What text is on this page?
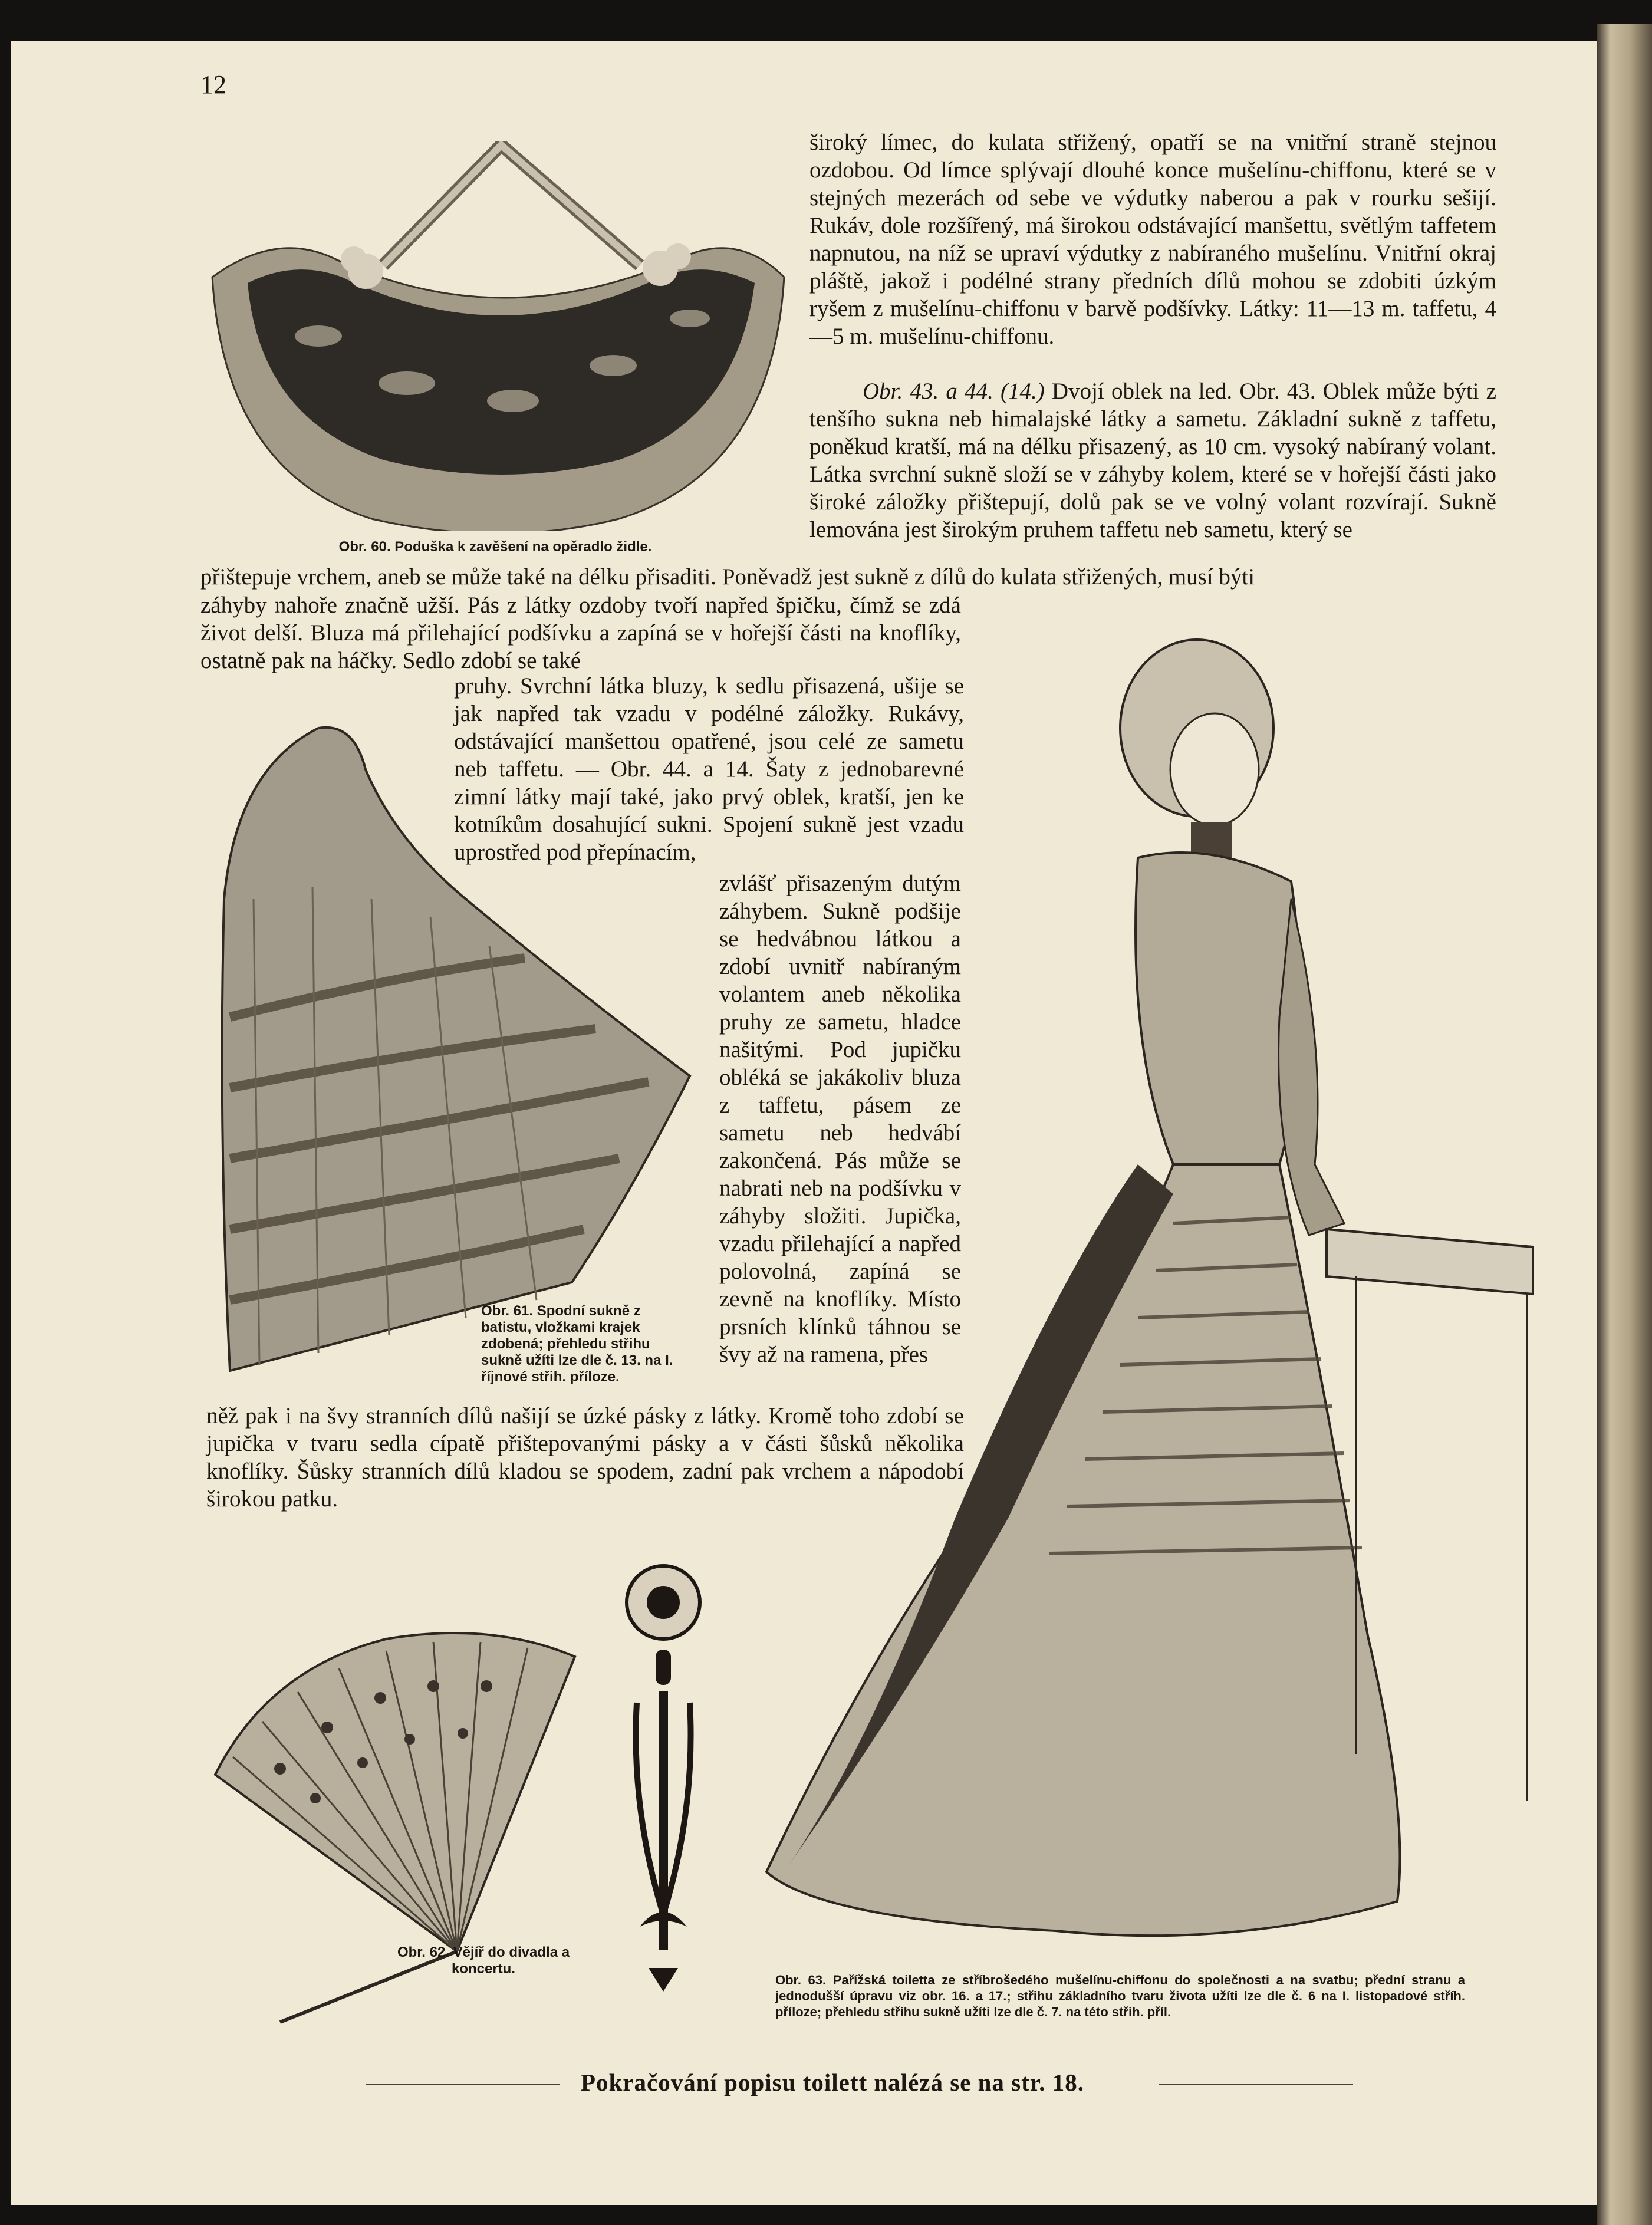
12
Obr. 60. Poduška k zavěšení na opěradlo židle.

široký límec, do kulata střižený, opatří se na vnitřní straně stejnou ozdobou. Od límce splývají dlouhé konce mušelínu-chiffonu, které se v stejných mezerách od sebe ve výdutky naberou a pak v rourku sešijí. Rukáv, dole rozšířený, má širokou odstávající manšettu, světlým taffetem napnutou, na níž se upraví výdutky z nabíraného mušelínu. Vnitřní okraj pláště, jakož i podélné strany předních dílů mohou se zdobiti úzkým ryšem z mušelínu-chiffonu v barvě podšívky. Látky: 11—13 m. taffetu, 4—5 m. mušelínu-chiffonu.

Obr. 43. a 44. (14.) Dvojí oblek na led. Obr. 43. Oblek může býti z tenšího sukna neb himalajské látky a sametu. Základní sukně z taffetu, poněkud kratší, má na délku přisazený, as 10 cm. vysoký nabíraný volant. Látka svrchní sukně složí se v záhyby kolem, které se v hořejší části jako široké záložky přištepují, dolů pak se ve volný volant rozvírají. Sukně lemována jest širokým pruhem taffetu neb sametu, který se

přištepuje vrchem, aneb se může také na délku přisaditi. Poněvadž jest sukně z dílů do kulata střižených, musí býti

záhyby nahoře značně užší. Pás z látky ozdoby tvoří napřed špičku, čímž se zdá život delší. Bluza má přilehající podšívku a zapíná se v hořejší části na knoflíky, ostatně pak na háčky. Sedlo zdobí se také

pruhy. Svrchní látka bluzy, k sedlu přisazená, ušije se jak napřed tak vzadu v podélné záložky. Rukávy, odstávající manšettou opatřené, jsou celé ze sametu neb taffetu. — Obr. 44. a 14. Šaty z jednobarevné zimní látky mají také, jako prvý oblek, kratší, jen ke kotníkům dosahující sukni. Spojení sukně jest vzadu uprostřed pod přepínacím,

zvlášť přisazeným dutým záhybem. Sukně podšije se hedvábnou látkou a zdobí uvnitř nabíraným volantem aneb několika pruhy ze sametu, hladce našitými. Pod jupičku obléká se jakákoliv bluza z taffetu, pásem ze sametu neb hedvábí zakončená. Pás může se nabrati neb na podšívku v záhyby složiti. Jupička, vzadu přilehající a napřed polovolná, zapíná se zevně na knoflíky. Místo prsních klínků táhnou se švy až na ramena, přes

Obr. 61. Spodní sukně z batistu, vložkami krajek zdobená; přehledu střihu sukně užíti lze dle č. 13. na I. říjnové střih. příloze.

něž pak i na švy stranních dílů našijí se úzké pásky z látky. Kromě toho zdobí se jupička v tvaru sedla cípatě přištepovanými pásky a v části šůsků několika knoflíky. Šůsky stranních dílů kladou se spodem, zadní pak vrchem a nápodobí širokou patku.

Obr. 62. Vějíř do divadla a koncertu.
Obr. 63. Pařížská toiletta ze stříbrošedého mušelínu-chiffonu do společnosti a na svatbu; přední stranu a jednodušší úpravu viz obr. 16. a 17.; střihu základního tvaru života užíti lze dle č. 6 na I. listopadové stříh. příloze; přehledu střihu sukně užíti lze dle č. 7. na této střih. příl.
Pokračování popisu toilett nalézá se na str. 18.
